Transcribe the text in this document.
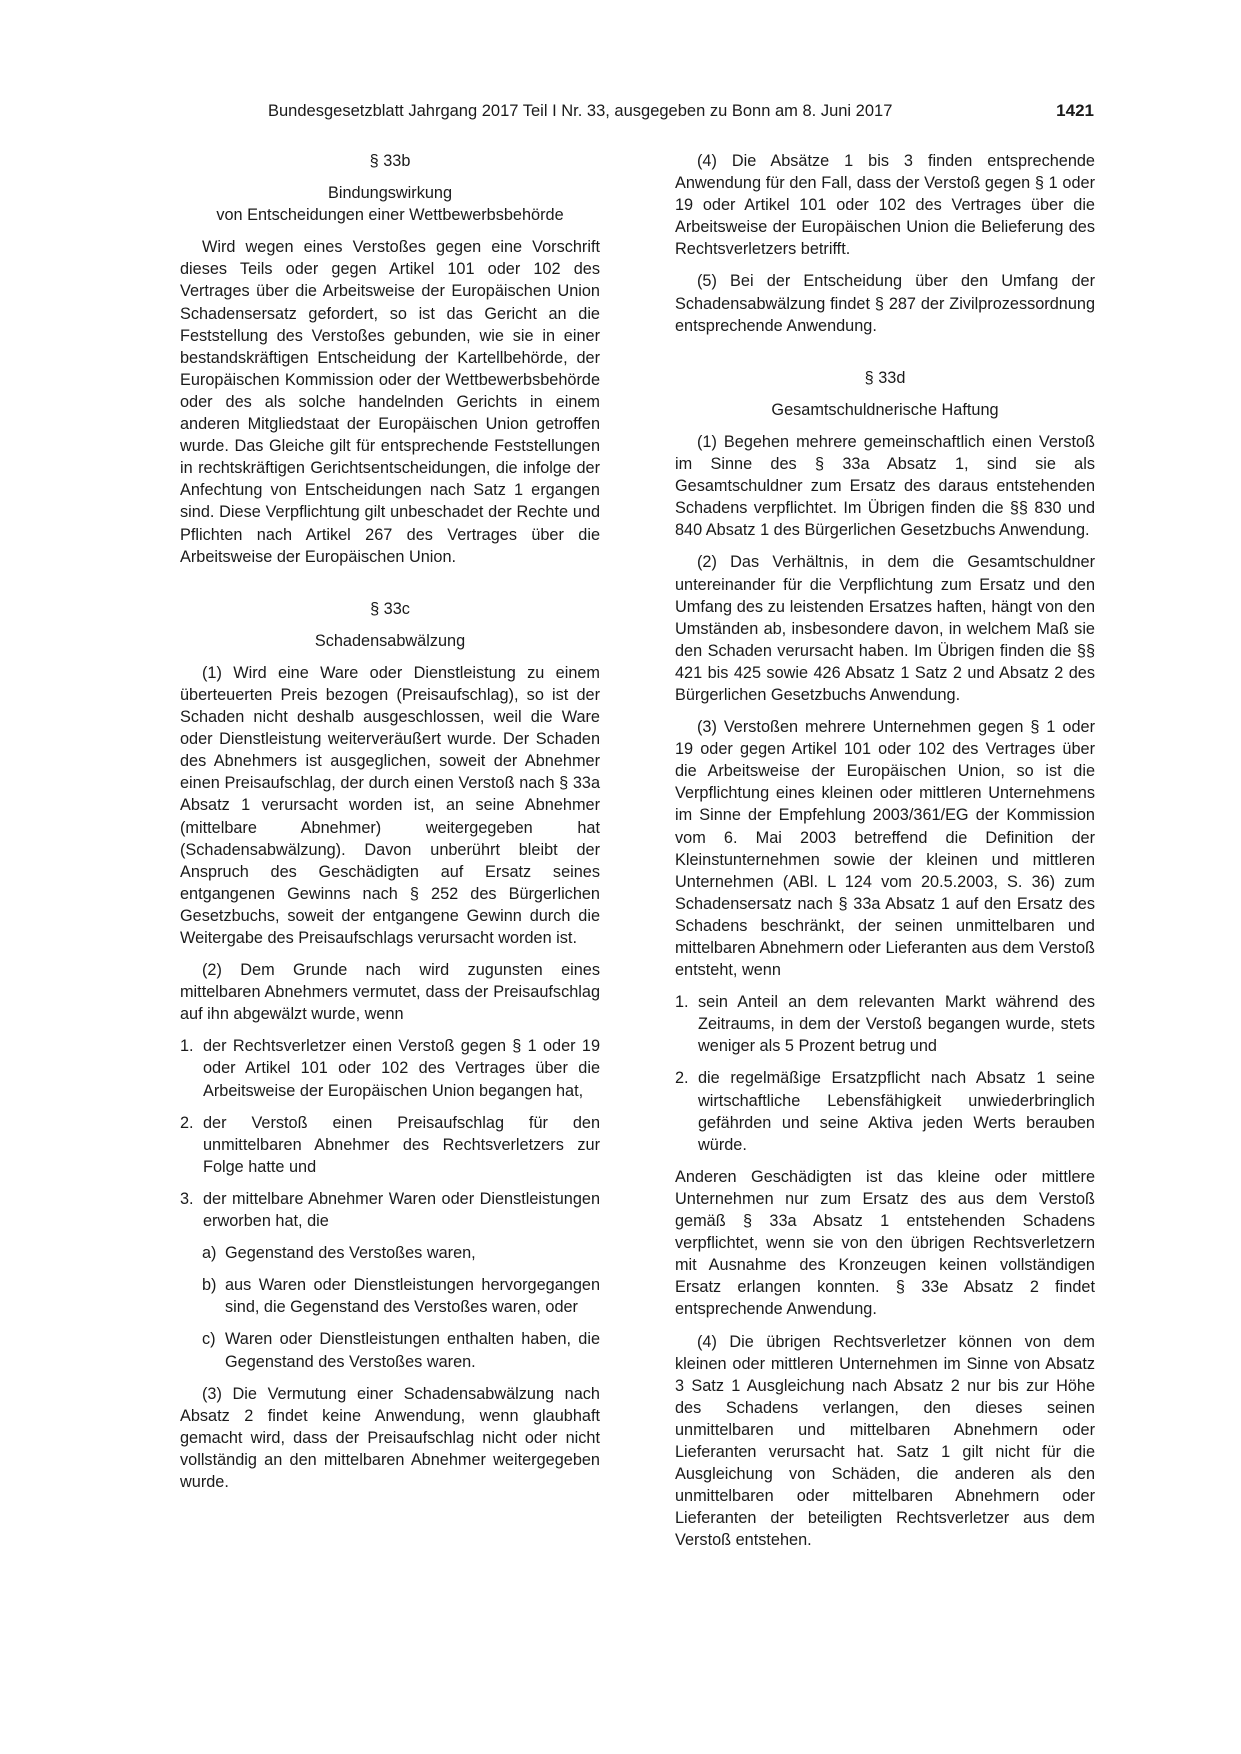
Bundesgesetzblatt Jahrgang 2017 Teil I Nr. 33, ausgegeben zu Bonn am 8. Juni 2017	1421
§ 33b
Bindungswirkung
von Entscheidungen einer Wettbewerbsbehörde

Wird wegen eines Verstoßes gegen eine Vorschrift dieses Teils oder gegen Artikel 101 oder 102 des Vertrages über die Arbeitsweise der Europäischen Union Schadensersatz gefordert, so ist das Gericht an die Feststellung des Verstoßes gebunden, wie sie in einer bestandskräftigen Entscheidung der Kartellbehörde, der Europäischen Kommission oder der Wettbewerbsbehörde oder des als solche handelnden Gerichts in einem anderen Mitgliedstaat der Europäischen Union getroffen wurde. Das Gleiche gilt für entsprechende Feststellungen in rechtskräftigen Gerichtsentscheidungen, die infolge der Anfechtung von Entscheidungen nach Satz 1 ergangen sind. Diese Verpflichtung gilt unbeschadet der Rechte und Pflichten nach Artikel 267 des Vertrages über die Arbeitsweise der Europäischen Union.

§ 33c
Schadensabwälzung

(1) Wird eine Ware oder Dienstleistung zu einem überteuerten Preis bezogen (Preisaufschlag), so ist der Schaden nicht deshalb ausgeschlossen, weil die Ware oder Dienstleistung weiterveräußert wurde. Der Schaden des Abnehmers ist ausgeglichen, soweit der Abnehmer einen Preisaufschlag, der durch einen Verstoß nach § 33a Absatz 1 verursacht worden ist, an seine Abnehmer (mittelbare Abnehmer) weitergegeben hat (Schadensabwälzung). Davon unberührt bleibt der Anspruch des Geschädigten auf Ersatz seines entgangenen Gewinns nach § 252 des Bürgerlichen Gesetzbuchs, soweit der entgangene Gewinn durch die Weitergabe des Preisaufschlags verursacht worden ist.

(2) Dem Grunde nach wird zugunsten eines mittelbaren Abnehmers vermutet, dass der Preisaufschlag auf ihn abgewälzt wurde, wenn

1. der Rechtsverletzer einen Verstoß gegen § 1 oder 19 oder Artikel 101 oder 102 des Vertrages über die Arbeitsweise der Europäischen Union begangen hat,
2. der Verstoß einen Preisaufschlag für den unmittelbaren Abnehmer des Rechtsverletzers zur Folge hatte und
3. der mittelbare Abnehmer Waren oder Dienstleistungen erworben hat, die
a) Gegenstand des Verstoßes waren,
b) aus Waren oder Dienstleistungen hervorgegangen sind, die Gegenstand des Verstoßes waren, oder
c) Waren oder Dienstleistungen enthalten haben, die Gegenstand des Verstoßes waren.

(3) Die Vermutung einer Schadensabwälzung nach Absatz 2 findet keine Anwendung, wenn glaubhaft gemacht wird, dass der Preisaufschlag nicht oder nicht vollständig an den mittelbaren Abnehmer weitergegeben wurde.

(4) Die Absätze 1 bis 3 finden entsprechende Anwendung für den Fall, dass der Verstoß gegen § 1 oder 19 oder Artikel 101 oder 102 des Vertrages über die Arbeitsweise der Europäischen Union die Belieferung des Rechtsverletzers betrifft.

(5) Bei der Entscheidung über den Umfang der Schadensabwälzung findet § 287 der Zivilprozessordnung entsprechende Anwendung.

§ 33d
Gesamtschuldnerische Haftung

(1) Begehen mehrere gemeinschaftlich einen Verstoß im Sinne des § 33a Absatz 1, sind sie als Gesamtschuldner zum Ersatz des daraus entstehenden Schadens verpflichtet. Im Übrigen finden die §§ 830 und 840 Absatz 1 des Bürgerlichen Gesetzbuchs Anwendung.

(2) Das Verhältnis, in dem die Gesamtschuldner untereinander für die Verpflichtung zum Ersatz und den Umfang des zu leistenden Ersatzes haften, hängt von den Umständen ab, insbesondere davon, in welchem Maß sie den Schaden verursacht haben. Im Übrigen finden die §§ 421 bis 425 sowie 426 Absatz 1 Satz 2 und Absatz 2 des Bürgerlichen Gesetzbuchs Anwendung.

(3) Verstoßen mehrere Unternehmen gegen § 1 oder 19 oder gegen Artikel 101 oder 102 des Vertrages über die Arbeitsweise der Europäischen Union, so ist die Verpflichtung eines kleinen oder mittleren Unternehmens im Sinne der Empfehlung 2003/361/EG der Kommission vom 6. Mai 2003 betreffend die Definition der Kleinstunternehmen sowie der kleinen und mittleren Unternehmen (ABl. L 124 vom 20.5.2003, S. 36) zum Schadensersatz nach § 33a Absatz 1 auf den Ersatz des Schadens beschränkt, der seinen unmittelbaren und mittelbaren Abnehmern oder Lieferanten aus dem Verstoß entsteht, wenn

1. sein Anteil an dem relevanten Markt während des Zeitraums, in dem der Verstoß begangen wurde, stets weniger als 5 Prozent betrug und
2. die regelmäßige Ersatzpflicht nach Absatz 1 seine wirtschaftliche Lebensfähigkeit unwiederbringlich gefährden und seine Aktiva jeden Werts berauben würde.

Anderen Geschädigten ist das kleine oder mittlere Unternehmen nur zum Ersatz des aus dem Verstoß gemäß § 33a Absatz 1 entstehenden Schadens verpflichtet, wenn sie von den übrigen Rechtsverletzern mit Ausnahme des Kronzeugen keinen vollständigen Ersatz erlangen konnten. § 33e Absatz 2 findet entsprechende Anwendung.

(4) Die übrigen Rechtsverletzer können von dem kleinen oder mittleren Unternehmen im Sinne von Absatz 3 Satz 1 Ausgleichung nach Absatz 2 nur bis zur Höhe des Schadens verlangen, den dieses seinen unmittelbaren und mittelbaren Abnehmern oder Lieferanten verursacht hat. Satz 1 gilt nicht für die Ausgleichung von Schäden, die anderen als den unmittelbaren oder mittelbaren Abnehmern oder Lieferanten der beteiligten Rechtsverletzer aus dem Verstoß entstehen.
